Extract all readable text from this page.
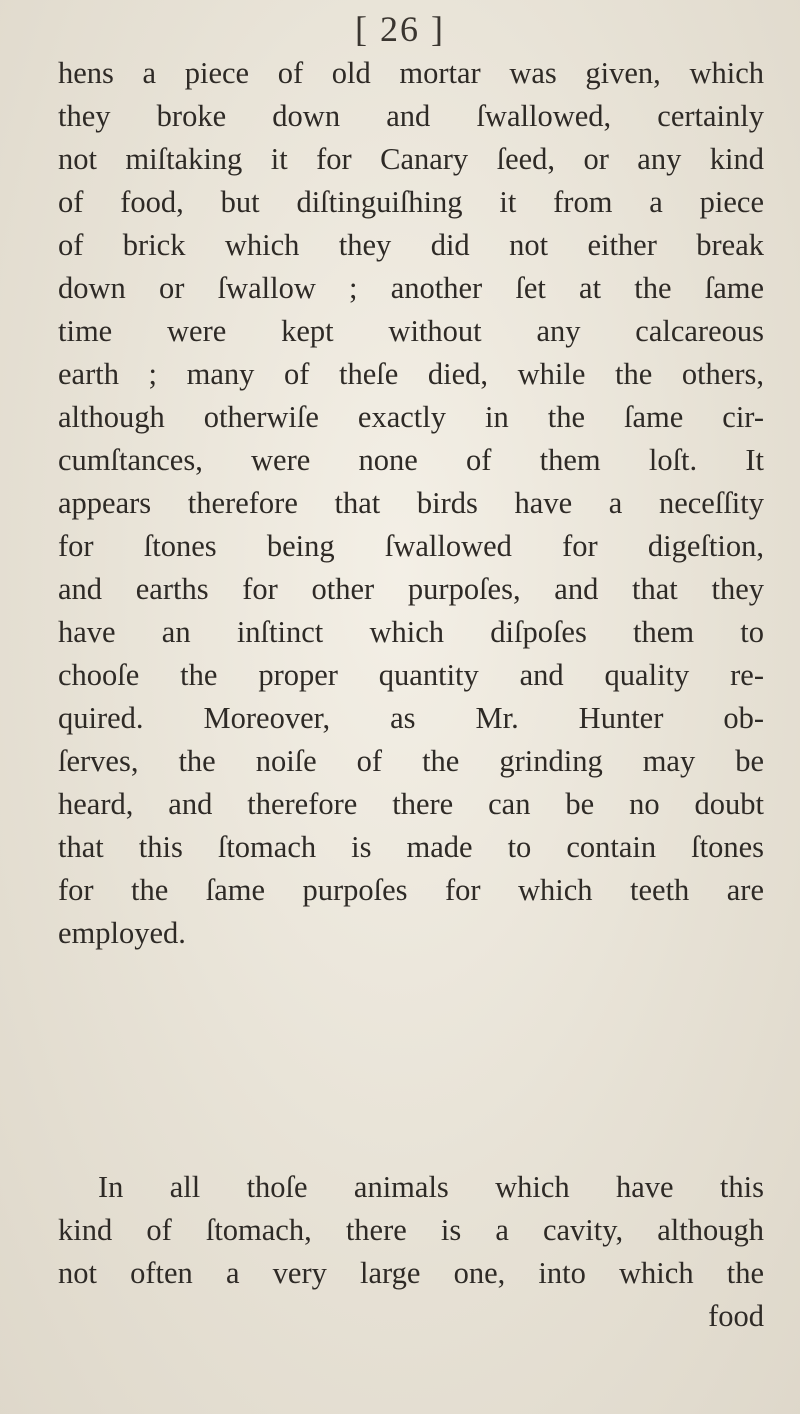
[ 26 ]
hens a piece of old mortar was given, which
they broke down and ſwallowed, certainly
not miſtaking it for Canary ſeed, or any kind
of food, but diſtinguiſhing it from a piece
of brick which they did not either break
down or ſwallow ; another ſet at the ſame
time were kept without any calcareous
earth ; many of theſe died, while the others,
although otherwiſe exactly in the ſame cir-
cumſtances, were none of them loſt. It
appears therefore that birds have a neceſſity
for ſtones being ſwallowed for digeſtion,
and earths for other purpoſes, and that they
have an inſtinct which diſpoſes them to
chooſe the proper quantity and quality re-
quired. Moreover, as Mr. Hunter ob-
ſerves, the noiſe of the grinding may be
heard, and therefore there can be no doubt
that this ſtomach is made to contain ſtones
for the ſame purpoſes for which teeth are
employed.
In all thoſe animals which have this
kind of ſtomach, there is a cavity, although
not often a very large one, into which the
food
